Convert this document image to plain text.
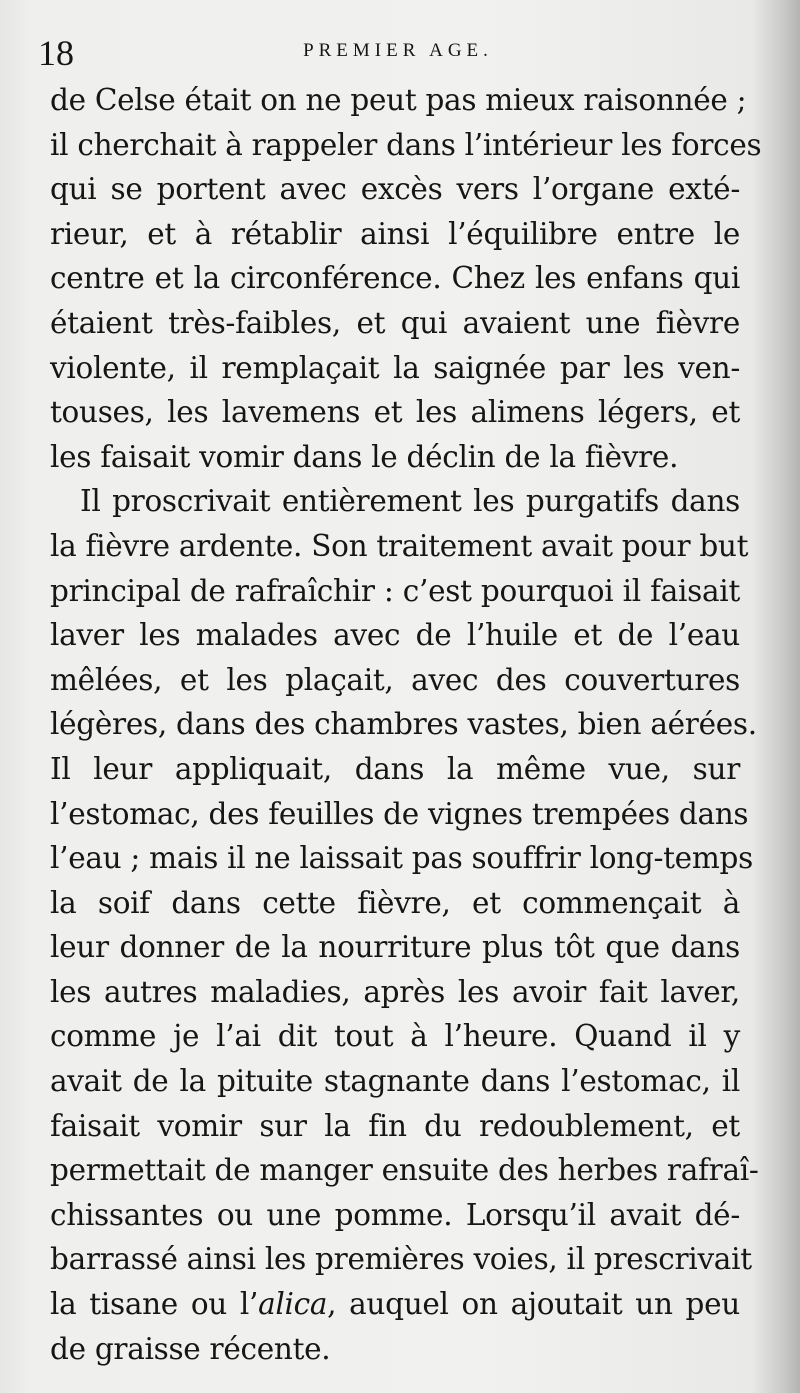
18	PREMIER AGE.
de Celse était on ne peut pas mieux raisonnée ;
il cherchait à rappeler dans l’intérieur les forces
qui se portent avec excès vers l’organe exté-
rieur, et à rétablir ainsi l’équilibre entre le
centre et la circonférence. Chez les enfans qui
étaient très-faibles, et qui avaient une fièvre
violente, il remplaçait la saignée par les ven-
touses, les lavemens et les alimens légers, et
les faisait vomir dans le déclin de la fièvre.
Il proscrivait entièrement les purgatifs dans
la fièvre ardente. Son traitement avait pour but
principal de rafraîchir : c’est pourquoi il faisait
laver les malades avec de l’huile et de l’eau
mêlées, et les plaçait, avec des couvertures
légères, dans des chambres vastes, bien aérées.
Il leur appliquait, dans la même vue, sur
l’estomac, des feuilles de vignes trempées dans
l’eau ; mais il ne laissait pas souffrir long-temps
la soif dans cette fièvre, et commençait à
leur donner de la nourriture plus tôt que dans
les autres maladies, après les avoir fait laver,
comme je l’ai dit tout à l’heure. Quand il y
avait de la pituite stagnante dans l’estomac, il
faisait vomir sur la fin du redoublement, et
permettait de manger ensuite des herbes rafraî-
chissantes ou une pomme. Lorsqu’il avait dé-
barrassé ainsi les premières voies, il prescrivait
la tisane ou l’alica, auquel on ajoutait un peu
de graisse récente.
